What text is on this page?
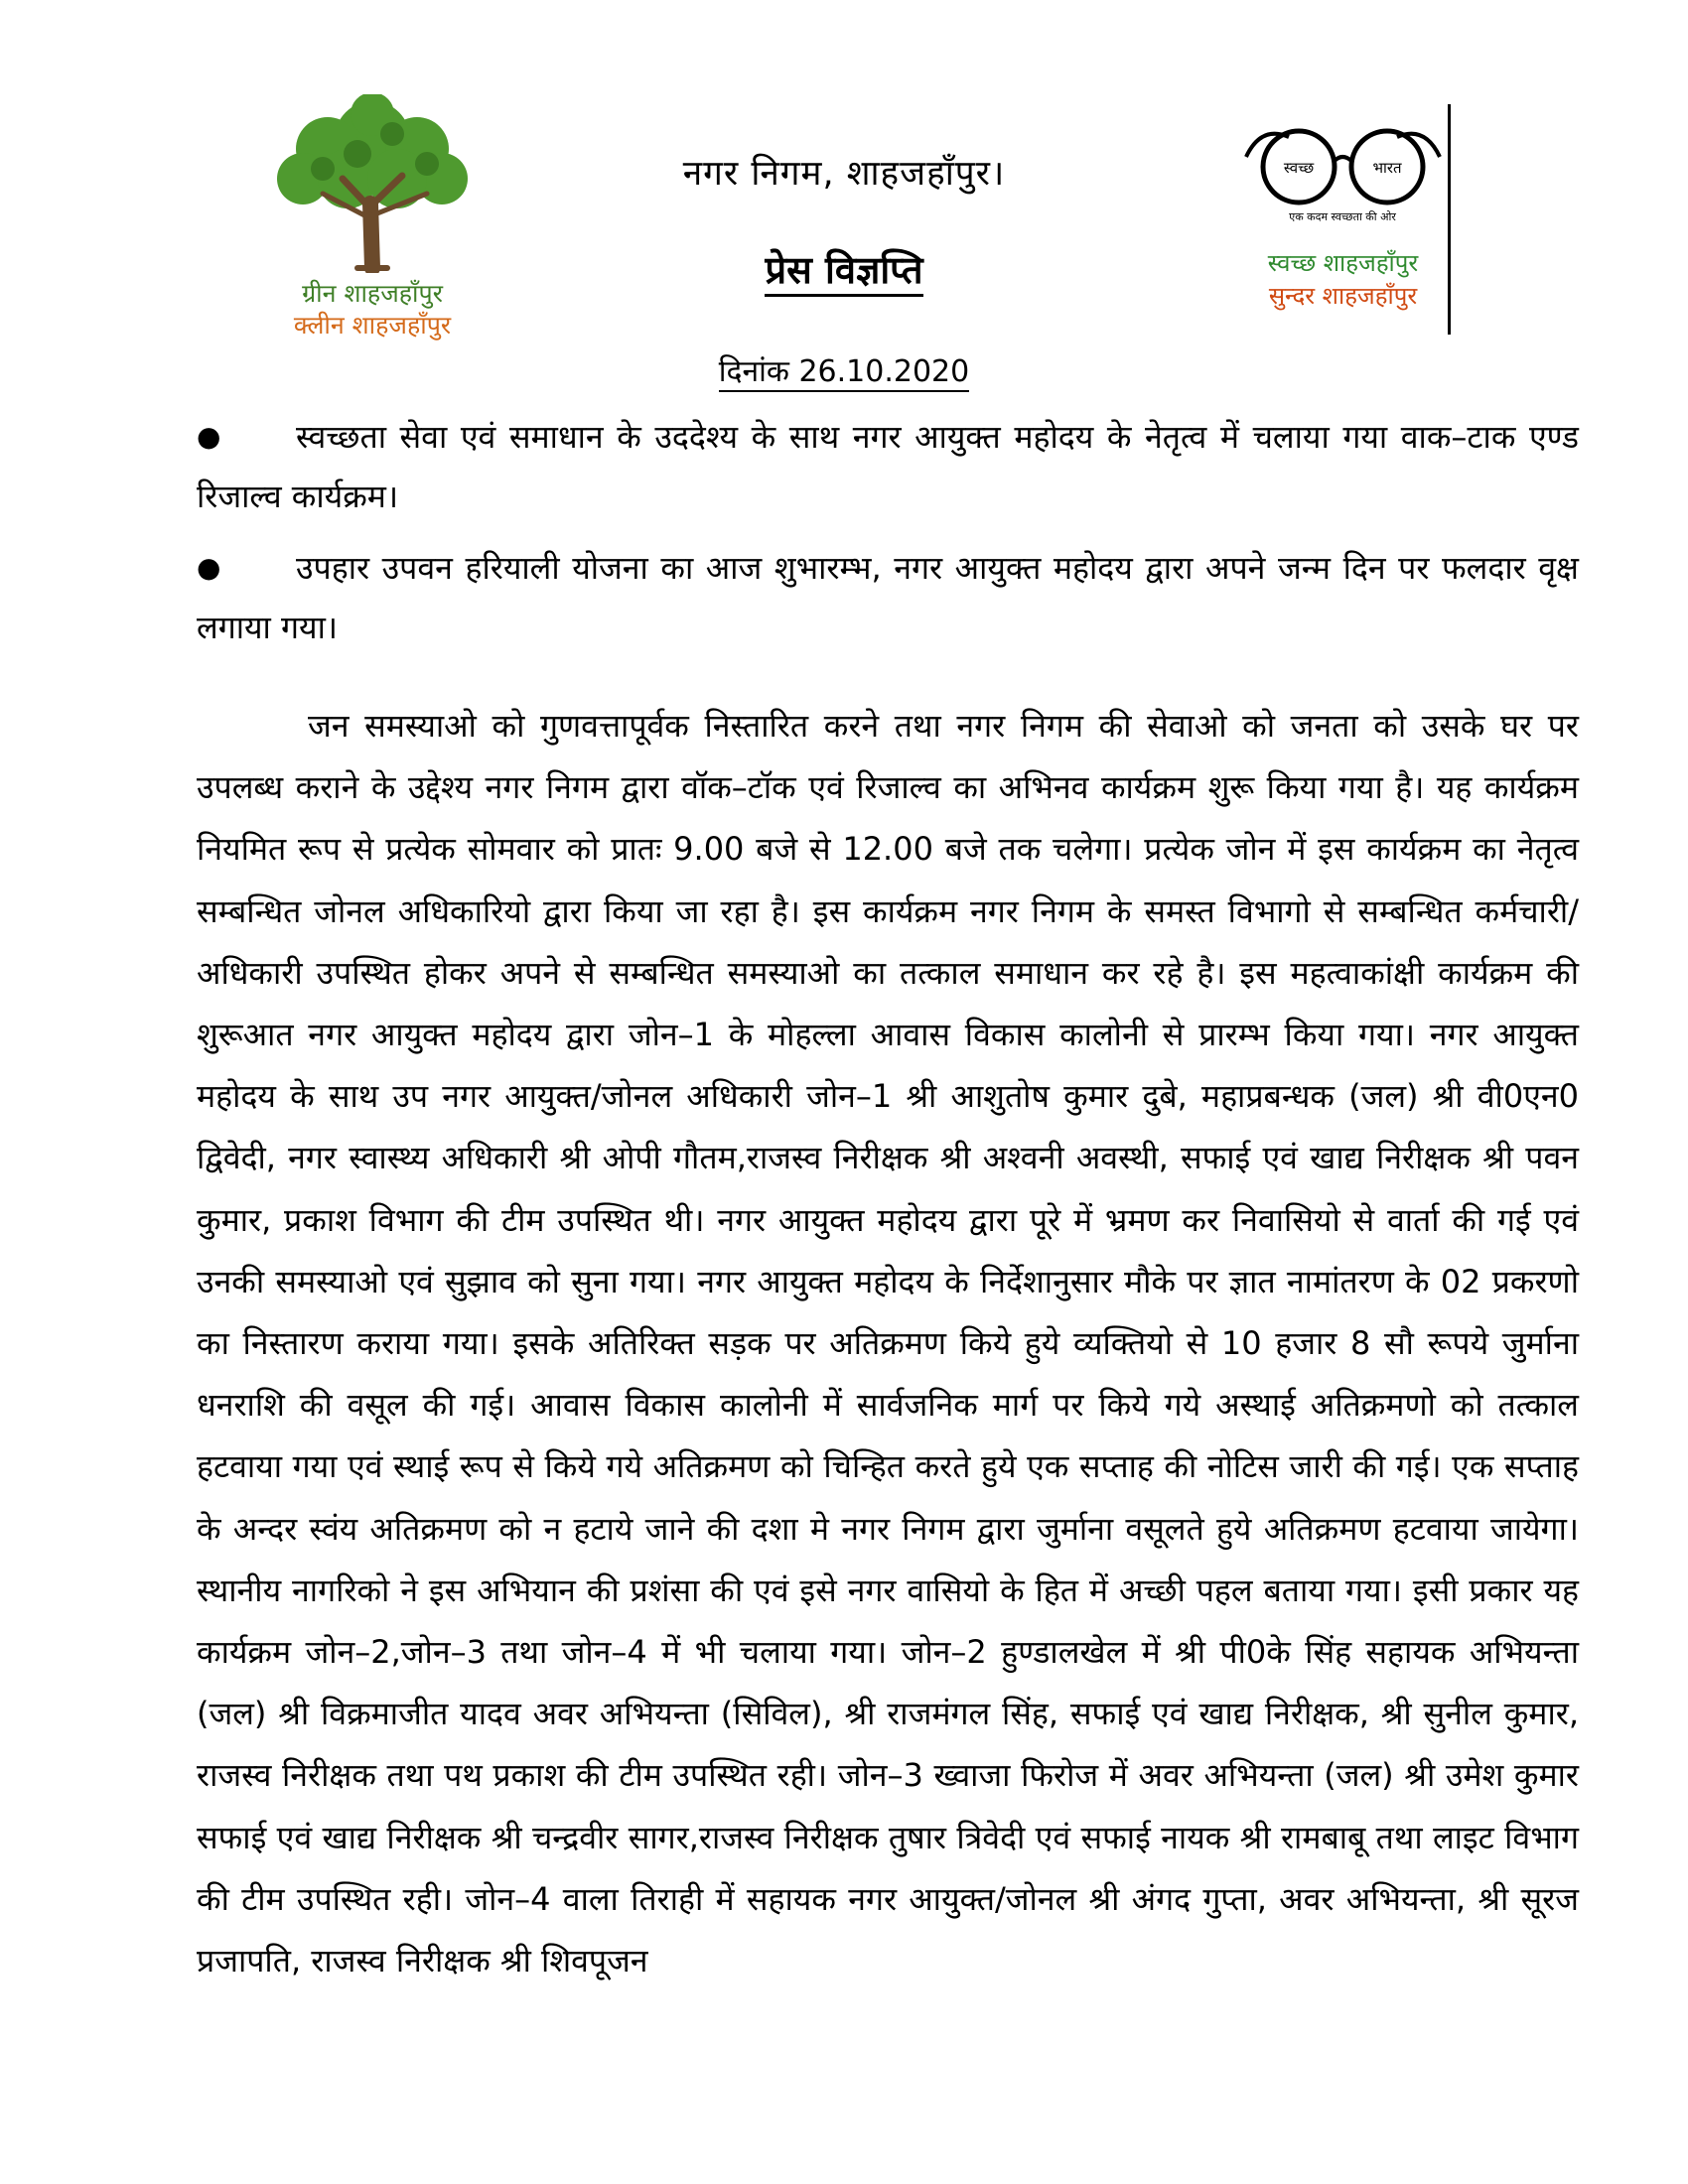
ग्रीन शाहजहाँपुर
क्लीन शाहजहाँपुर
नगर निगम, शाहजहाँपुर।
प्रेस विज्ञप्ति
स्वच्छ	भारत
एक कदम स्वच्छता की ओर
स्वच्छ शाहजहाँपुर
सुन्दर शाहजहाँपुर
दिनांक 26.10.2020
●	स्वच्छता सेवा एवं समाधान के उददेश्य के साथ नगर आयुक्त महोदय के नेतृत्व में चलाया गया वाक–टाक एण्ड रिजाल्व कार्यक्रम।
●	उपहार उपवन हरियाली योजना का आज शुभारम्भ, नगर आयुक्त महोदय द्वारा अपने जन्म दिन पर फलदार वृक्ष लगाया गया।
जन समस्याओ को गुणवत्तापूर्वक निस्तारित करने तथा नगर निगम की सेवाओ को जनता को उसके घर पर उपलब्ध कराने के उद्देश्य नगर निगम द्वारा वॉक–टॉक एवं रिजाल्व का अभिनव कार्यक्रम शुरू किया गया है। यह कार्यक्रम नियमित रूप से प्रत्येक सोमवार को प्रातः 9.00 बजे से 12.00 बजे तक चलेगा। प्रत्येक जोन में इस कार्यक्रम का नेतृत्व सम्बन्धित जोनल अधिकारियो द्वारा किया जा रहा है। इस कार्यक्रम नगर निगम के समस्त विभागो से सम्बन्धित कर्मचारी/अधिकारी उपस्थित होकर अपने से सम्बन्धित समस्याओ का तत्काल समाधान कर रहे है। इस महत्वाकांक्षी कार्यक्रम की शुरूआत नगर आयुक्त महोदय द्वारा जोन–1 के मोहल्ला आवास विकास कालोनी से प्रारम्भ किया गया। नगर आयुक्त महोदय के साथ उप नगर आयुक्त/जोनल अधिकारी जोन–1 श्री आशुतोष कुमार दुबे, महाप्रबन्धक (जल) श्री वी0एन0 द्विवेदी, नगर स्वास्थ्य अधिकारी श्री ओपी गौतम,राजस्व निरीक्षक श्री अश्वनी अवस्थी, सफाई एवं खाद्य निरीक्षक श्री पवन कुमार, प्रकाश विभाग की टीम उपस्थित थी। नगर आयुक्त महोदय द्वारा पूरे में भ्रमण कर निवासियो से वार्ता की गई एवं उनकी समस्याओ एवं सुझाव को सुना गया। नगर आयुक्त महोदय के निर्देशानुसार मौके पर ज्ञात नामांतरण के 02 प्रकरणो का निस्तारण कराया गया। इसके अतिरिक्त सड़क पर अतिक्रमण किये हुये व्यक्तियो से 10 हजार 8 सौ रूपये जुर्माना धनराशि की वसूल की गई। आवास विकास कालोनी में सार्वजनिक मार्ग पर किये गये अस्थाई अतिक्रमणो को तत्काल हटवाया गया एवं स्थाई रूप से किये गये अतिक्रमण को चिन्हित करते हुये एक सप्ताह की नोटिस जारी की गई। एक सप्ताह के अन्दर स्वंय अतिक्रमण को न हटाये जाने की दशा मे नगर निगम द्वारा जुर्माना वसूलते हुये अतिक्रमण हटवाया जायेगा। स्थानीय नागरिको ने इस अभियान की प्रशंसा की एवं इसे नगर वासियो के हित में अच्छी पहल बताया गया। इसी प्रकार यह कार्यक्रम जोन–2,जोन–3 तथा जोन–4 में भी चलाया गया। जोन–2 हुण्डालखेल में श्री पी0के सिंह सहायक अभियन्ता (जल) श्री विक्रमाजीत यादव अवर अभियन्ता (सिविल), श्री राजमंगल सिंह, सफाई एवं खाद्य निरीक्षक, श्री सुनील कुमार, राजस्व निरीक्षक तथा पथ प्रकाश की टीम उपस्थित रही। जोन–3 ख्वाजा फिरोज में अवर अभियन्ता (जल) श्री उमेश कुमार सफाई एवं खाद्य निरीक्षक श्री चन्द्रवीर सागर,राजस्व निरीक्षक तुषार त्रिवेदी एवं सफाई नायक श्री रामबाबू तथा लाइट विभाग की टीम उपस्थित रही। जोन–4 वाला तिराही में सहायक नगर आयुक्त/जोनल श्री अंगद गुप्ता, अवर अभियन्ता, श्री सूरज प्रजापति, राजस्व निरीक्षक श्री शिवपूजन
